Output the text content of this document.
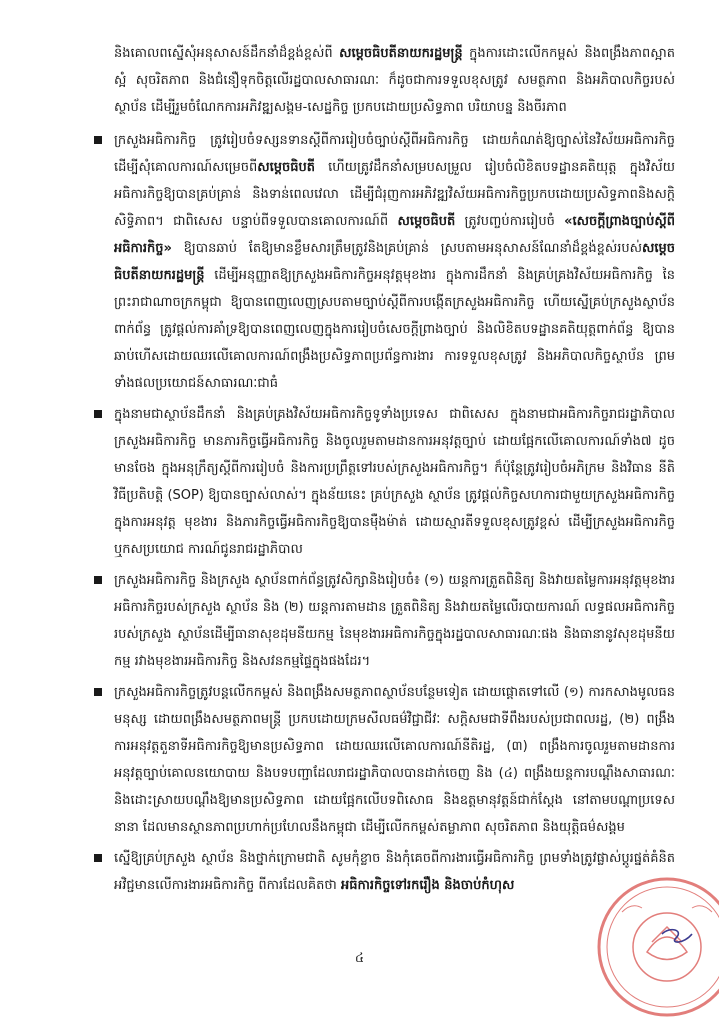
និងគោលពស្នើសុំអនុសាសន៍ដឹកនាំដ៏ខ្ពង់ខ្ពស់ពី សម្តេចធិបតីនាយករដ្ឋមន្ត្រី ក្នុងការដោះលើកកម្ពស់ និងពង្រឹងភាពស្អាតស្អំ សុចរិតភាព និងជំនឿទុកចិត្តលើរដ្ឋបាលសាធារណៈ ក៏ដូចជាការទទួលខុសត្រូវ សមត្ថភាព និងអភិបាលកិច្ចរបស់ស្ថាប័ន ដើម្បីរួមចំណែកការអភិវឌ្ឍសង្គម-សេដ្ឋកិច្ច ប្រកបដោយប្រសិទ្ធភាព បរិយាបន្ន និងចីរភាព

ក្រសួងអធិការកិច្ច ត្រូវរៀបចំទស្សនទានស្តីពីការរៀបចំច្បាប់ស្តីពីអធិការកិច្ច ដោយកំណត់ឱ្យច្បាស់នៃវិស័យអធិការកិច្ច ដើម្បីសុំគោលការណ៍សម្រេចពីសម្តេចធិបតី ហើយត្រូវដឹកនាំសម្របសម្រួល រៀបចំលិខិតបទដ្ឋានគតិយុត្ត ក្នុងវិស័យអធិការកិច្ចឱ្យបានគ្រប់គ្រាន់ និងទាន់ពេលវេលា ដើម្បីជំរុញការអភិវឌ្ឍវិស័យអធិការកិច្ចប្រកបដោយប្រសិទ្ធភាពនិងសក្តិសិទ្ធិភាព។ ជាពិសេស បន្ទាប់ពីទទួលបានគោលការណ៍ពី សម្តេចធិបតី ត្រូវបញ្ចប់ការរៀបចំ «សេចក្តីព្រាងច្បាប់ស្តីពីអធិការកិច្ច» ឱ្យបានឆាប់ តែឱ្យមានខ្លឹមសារត្រឹមត្រូវនិងគ្រប់គ្រាន់ ស្របតាមអនុសាសន៍ណែនាំដ៏ខ្ពង់ខ្ពស់របស់សម្តេចធិបតីនាយករដ្ឋមន្ត្រី ដើម្បីអនុញ្ញាតឱ្យក្រសួងអធិការកិច្ចអនុវត្តមុខងារ ក្នុងការដឹកនាំ និងគ្រប់គ្រងវិស័យអធិការកិច្ច នៃព្រះរាជាណាចក្រកម្ពុជា ឱ្យបានពេញលេញស្របតាមច្បាប់ស្តីពីការបង្កើតក្រសួងអធិការកិច្ច ហើយស្នើគ្រប់ក្រសួងស្ថាប័នពាក់ព័ន្ធ ត្រូវផ្តល់ការគាំទ្រឱ្យបានពេញលេញក្នុងការរៀបចំសេចក្តីព្រាងច្បាប់ និងលិខិតបទដ្ឋានគតិយុត្តពាក់ព័ន្ធ ឱ្យបានឆាប់ហើសដោយឈរលើគោលការណ៍ពង្រឹងប្រសិទ្ធភាពប្រព័ន្ធការងារ ការទទួលខុសត្រូវ និងអភិបាលកិច្ចស្ថាប័ន ព្រមទាំងផលប្រយោជន៍សាធារណៈជាធំ

ក្នុងនាមជាស្ថាប័នដឹកនាំ និងគ្រប់គ្រងវិស័យអធិការកិច្ចទូទាំងប្រទេស ជាពិសេស ក្នុងនាមជាអធិការកិច្ចរាជរដ្ឋាភិបាល ក្រសួងអធិការកិច្ច មានភារកិច្ចធ្វើអធិការកិច្ច និងចូលរួមតាមដានការអនុវត្តច្បាប់ ដោយផ្អែកលើគោលការណ៍ទាំង៧ ដូចមានចែង ក្នុងអនុក្រឹត្យស្តីពីការរៀបចំ និងការប្រព្រឹត្តទៅរបស់ក្រសួងអធិការកិច្ច។ ក៏ប៉ុន្តែត្រូវរៀបចំអភិក្រម និងវិធាន នីតិវិធីប្រតិបត្តិ (SOP) ឱ្យបានច្បាស់លាស់។ ក្នុងន័យនេះ គ្រប់ក្រសួង ស្ថាប័ន ត្រូវផ្តល់កិច្ចសហការជាមួយក្រសួងអធិការកិច្ច ក្នុងការអនុវត្ត មុខងារ និងភារកិច្ចធ្វើអធិការកិច្ចឱ្យបានម៉ឺងម៉ាត់ ដោយស្មារតីទទួលខុសត្រូវខ្ពស់ ដើម្បីក្រសួងអធិការកិច្ច ឬកសប្រយោជ ការណ៍ជូនរាជរដ្ឋាភិបាល

ក្រសួងអធិការកិច្ច និងក្រសួង ស្ថាប័នពាក់ព័ន្ធត្រូវសិក្សានិងរៀបចំ៖ (១) យន្តការត្រួតពិនិត្យ និងវាយតម្លៃការអនុវត្តមុខងារអធិការកិច្ចរបស់ក្រសួង ស្ថាប័ន និង (២) យន្តការតាមដាន ត្រួតពិនិត្យ និងវាយតម្លៃលើរបាយការណ៍ លទ្ធផលអធិការកិច្ចរបស់ក្រសួង ស្ថាប័នដើម្បីធានាសុខដុមនីយកម្ម នៃមុខងារអធិការកិច្ចក្នុងរដ្ឋបាលសាធារណៈផង និងធានានូវសុខដុមនីយកម្ម រវាងមុខងារអធិការកិច្ច និងសវនកម្មផ្ទៃក្នុងផងដែរ។

ក្រសួងអធិការកិច្ចត្រូវបន្តលើកកម្ពស់ និងពង្រឹងសមត្ថភាពស្ថាប័នបន្ថែមទៀត ដោយផ្តោតទៅលើ (១) ការកសាងមូលធនមនុស្ស ដោយពង្រឹងសមត្ថភាពមន្ត្រី ប្រកបដោយក្រមសីលធម៌វិជ្ជាជីវៈ សក្តិសមជាទីពឹងរបស់ប្រជាពលរដ្ឋ, (២) ពង្រឹងការអនុវត្តតួនាទីអធិការកិច្ចឱ្យមានប្រសិទ្ធភាព ដោយឈរលើគោលការណ៍នីតិរដ្ឋ, (៣) ពង្រឹងការចូលរួមតាមដានការអនុវត្តច្បាប់គោលនយោបាយ និងបទបញ្ជាដែលរាជរដ្ឋាភិបាលបានដាក់ចេញ និង (៤) ពង្រឹងយន្តការបណ្តឹងសាធារណៈ និងដោះស្រាយបណ្តឹងឱ្យមានប្រសិទ្ធភាព ដោយផ្អែកលើបទពិសោធ និងឧត្តមានុវត្តន៍ជាក់ស្តែង នៅតាមបណ្តាប្រទេសនានា ដែលមានស្ថានភាពប្រហាក់ប្រហែលនឹងកម្ពុជា ដើម្បីលើកកម្ពស់តម្លាភាព សុចរិតភាព និងយុត្តិធម៌សង្គម

ស្នើឱ្យគ្រប់ក្រសួង ស្ថាប័ន និងថ្នាក់ក្រោមជាតិ សូមកុំខ្លាច និងកុំគេចពីការងារធ្វើអធិការកិច្ច ព្រមទាំងត្រូវផ្លាស់ប្តូរផ្នត់គំនិតអវិជ្ជមានលើការងារអធិការកិច្ច ពីការដែលគិតថា អធិការកិច្ចទៅរករឿង និងចាប់កំហុស

៤
